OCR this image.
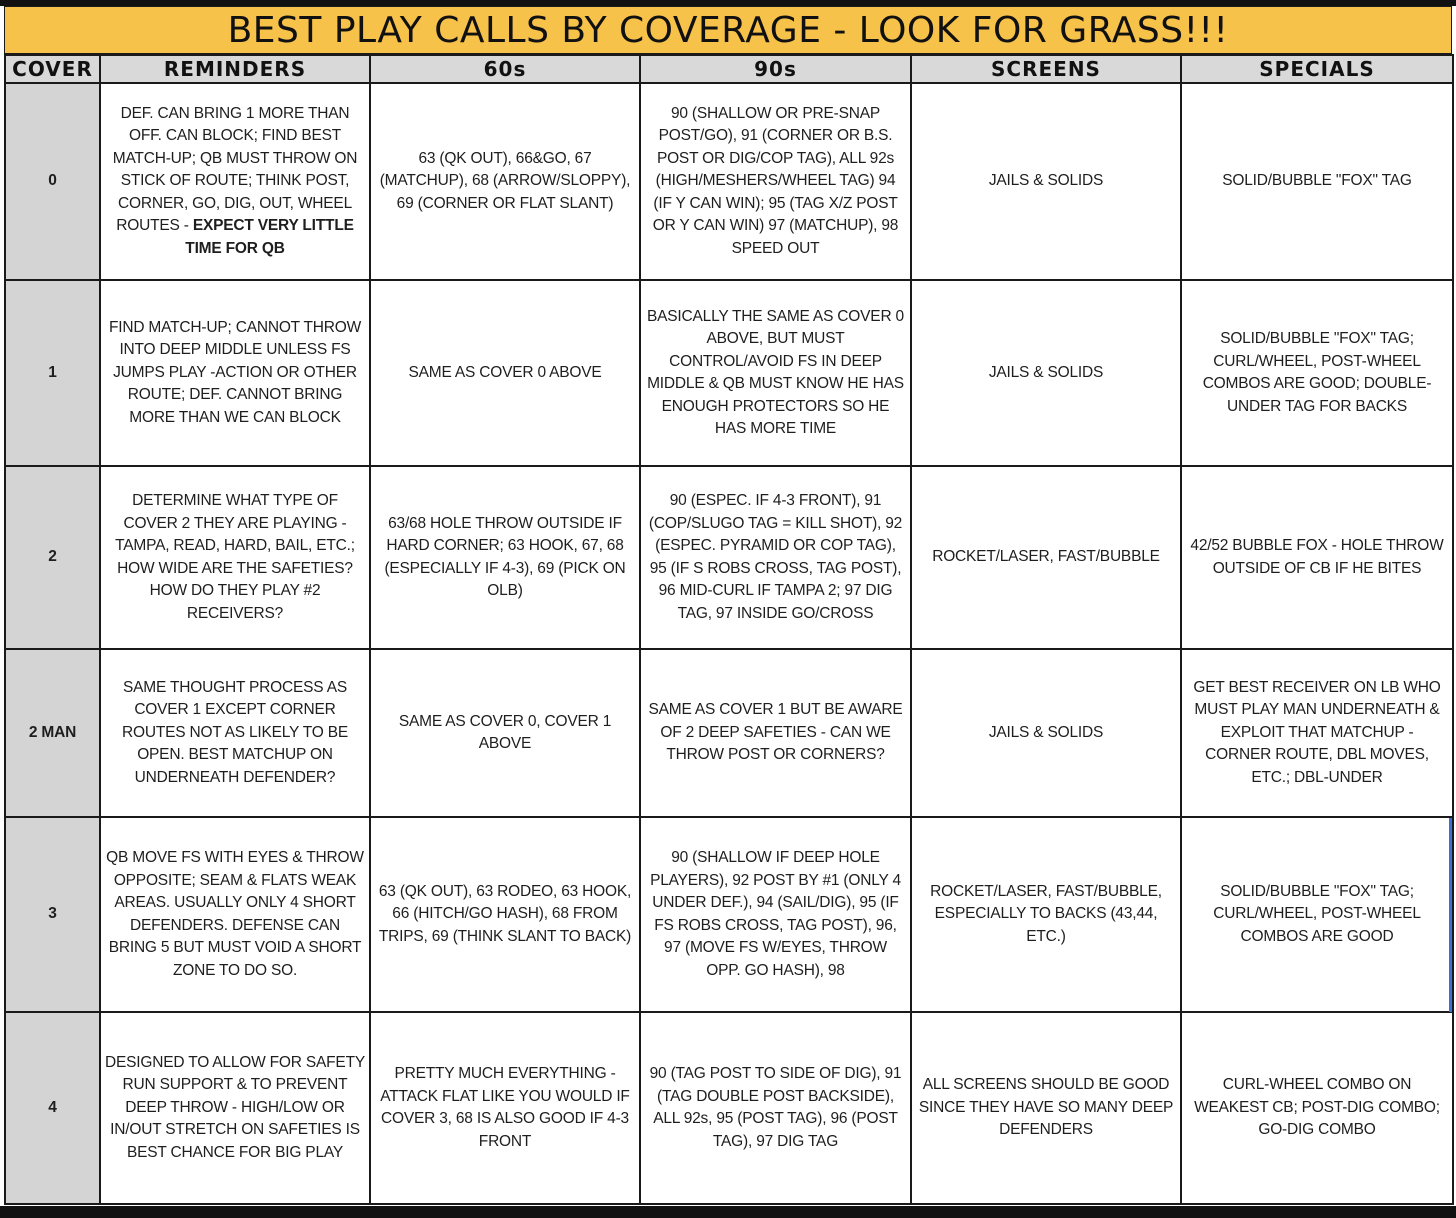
BEST PLAY CALLS BY COVERAGE - LOOK FOR GRASS!!!
COVER	REMINDERS	60s	90s	SCREENS	SPECIALS
0	DEF. CAN BRING 1 MORE THAN OFF. CAN BLOCK; FIND BEST MATCH-UP; QB MUST THROW ON STICK OF ROUTE; THINK POST, CORNER, GO, DIG, OUT, WHEEL ROUTES - EXPECT VERY LITTLE TIME FOR QB	63 (QK OUT), 66&GO, 67 (MATCHUP), 68 (ARROW/SLOPPY), 69 (CORNER OR FLAT SLANT)	90 (SHALLOW OR PRE-SNAP POST/GO), 91 (CORNER OR B.S. POST OR DIG/COP TAG), ALL 92s (HIGH/MESHERS/WHEEL TAG) 94 (IF Y CAN WIN); 95 (TAG X/Z POST OR Y CAN WIN) 97 (MATCHUP), 98 SPEED OUT	JAILS & SOLIDS	SOLID/BUBBLE "FOX" TAG
1	FIND MATCH-UP; CANNOT THROW INTO DEEP MIDDLE UNLESS FS JUMPS PLAY -ACTION OR OTHER ROUTE; DEF. CANNOT BRING MORE THAN WE CAN BLOCK	SAME AS COVER 0 ABOVE	BASICALLY THE SAME AS COVER 0 ABOVE, BUT MUST CONTROL/AVOID FS IN DEEP MIDDLE & QB MUST KNOW HE HAS ENOUGH PROTECTORS SO HE HAS MORE TIME	JAILS & SOLIDS	SOLID/BUBBLE "FOX" TAG; CURL/WHEEL, POST-WHEEL COMBOS ARE GOOD; DOUBLE-UNDER TAG FOR BACKS
2	DETERMINE WHAT TYPE OF COVER 2 THEY ARE PLAYING - TAMPA, READ, HARD, BAIL, ETC.; HOW WIDE ARE THE SAFETIES? HOW DO THEY PLAY #2 RECEIVERS?	63/68 HOLE THROW OUTSIDE IF HARD CORNER; 63 HOOK, 67, 68 (ESPECIALLY IF 4-3), 69 (PICK ON OLB)	90 (ESPEC. IF 4-3 FRONT), 91 (COP/SLUGO TAG = KILL SHOT), 92 (ESPEC. PYRAMID OR COP TAG), 95 (IF S ROBS CROSS, TAG POST), 96 MID-CURL IF TAMPA 2; 97 DIG TAG, 97 INSIDE GO/CROSS	ROCKET/LASER, FAST/BUBBLE	42/52 BUBBLE FOX - HOLE THROW OUTSIDE OF CB IF HE BITES
2 MAN	SAME THOUGHT PROCESS AS COVER 1 EXCEPT CORNER ROUTES NOT AS LIKELY TO BE OPEN. BEST MATCHUP ON UNDERNEATH DEFENDER?	SAME AS COVER 0, COVER 1 ABOVE	SAME AS COVER 1 BUT BE AWARE OF 2 DEEP SAFETIES - CAN WE THROW POST OR CORNERS?	JAILS & SOLIDS	GET BEST RECEIVER ON LB WHO MUST PLAY MAN UNDERNEATH & EXPLOIT THAT MATCHUP - CORNER ROUTE, DBL MOVES, ETC.; DBL-UNDER
3	QB MOVE FS WITH EYES & THROW OPPOSITE; SEAM & FLATS WEAK AREAS. USUALLY ONLY 4 SHORT DEFENDERS. DEFENSE CAN BRING 5 BUT MUST VOID A SHORT ZONE TO DO SO.	63 (QK OUT), 63 RODEO, 63 HOOK, 66 (HITCH/GO HASH), 68 FROM TRIPS, 69 (THINK SLANT TO BACK)	90 (SHALLOW IF DEEP HOLE PLAYERS), 92 POST BY #1 (ONLY 4 UNDER DEF.), 94 (SAIL/DIG), 95 (IF FS ROBS CROSS, TAG POST), 96, 97 (MOVE FS W/EYES, THROW OPP. GO HASH), 98	ROCKET/LASER, FAST/BUBBLE, ESPECIALLY TO BACKS (43,44, ETC.)	SOLID/BUBBLE "FOX" TAG; CURL/WHEEL, POST-WHEEL COMBOS ARE GOOD
4	DESIGNED TO ALLOW FOR SAFETY RUN SUPPORT & TO PREVENT DEEP THROW - HIGH/LOW OR IN/OUT STRETCH ON SAFETIES IS BEST CHANCE FOR BIG PLAY	PRETTY MUCH EVERYTHING - ATTACK FLAT LIKE YOU WOULD IF COVER 3, 68 IS ALSO GOOD IF 4-3 FRONT	90 (TAG POST TO SIDE OF DIG), 91 (TAG DOUBLE POST BACKSIDE), ALL 92s, 95 (POST TAG), 96 (POST TAG), 97 DIG TAG	ALL SCREENS SHOULD BE GOOD SINCE THEY HAVE SO MANY DEEP DEFENDERS	CURL-WHEEL COMBO ON WEAKEST CB; POST-DIG COMBO; GO-DIG COMBO
